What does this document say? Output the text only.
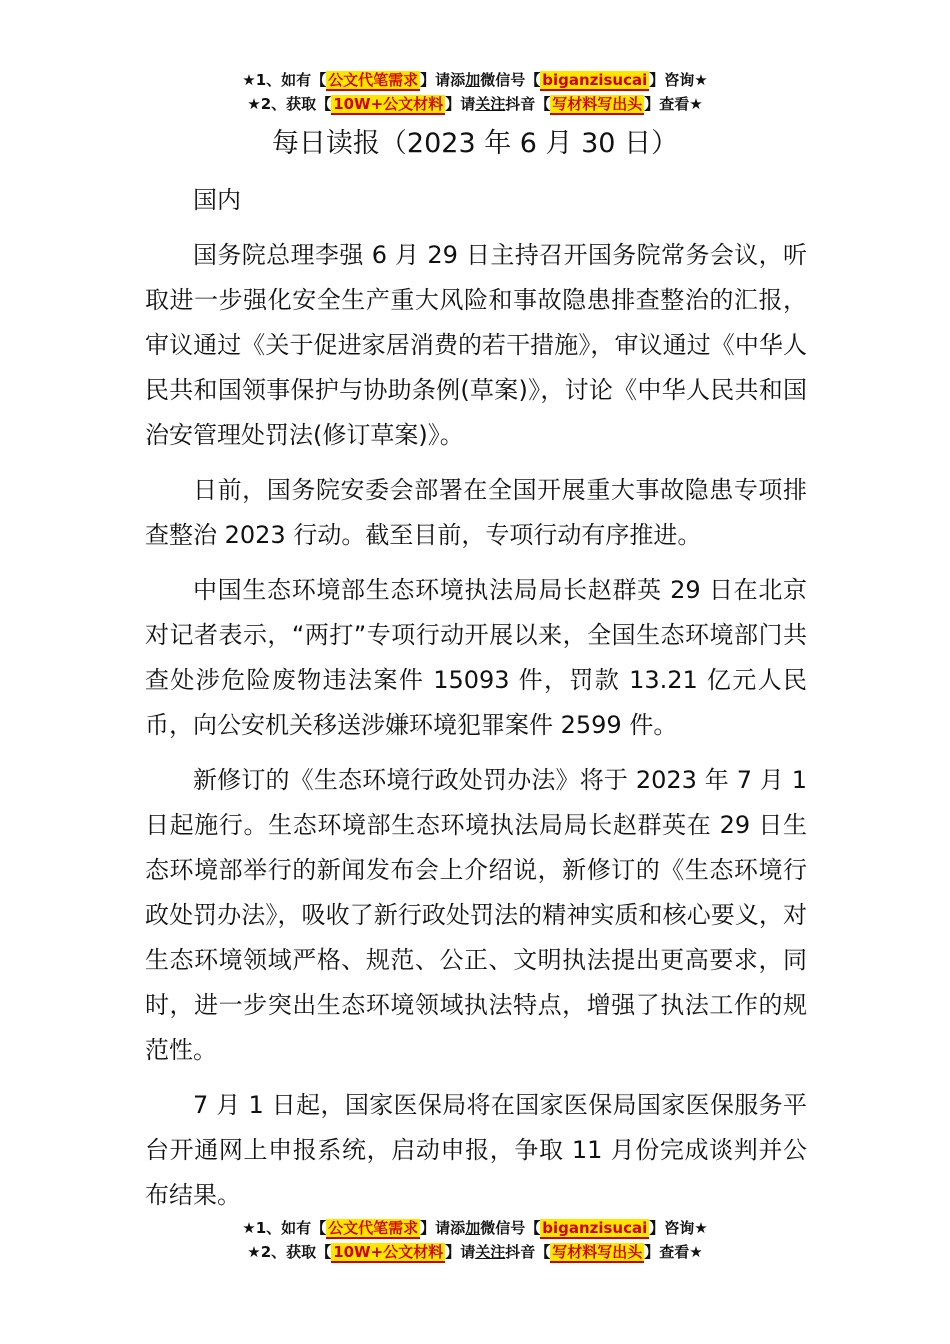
★1、如有【 公文代笔需求 】请添加微信号【 biganzisucai 】咨询★
★2、获取【 10W+公文材料 】请关注抖音【 写材料写出头 】查看★
每日读报（2023 年 6 月 30 日）

国内

国务院总理李强 6 月 29 日主持召开国务院常务会议，听取进一步强化安全生产重大风险和事故隐患排查整治的汇报，审议通过《关于促进家居消费的若干措施》，审议通过《中华人民共和国领事保护与协助条例(草案)》，讨论《中华人民共和国治安管理处罚法(修订草案)》。

日前，国务院安委会部署在全国开展重大事故隐患专项排查整治 2023 行动。截至目前，专项行动有序推进。

中国生态环境部生态环境执法局局长赵群英 29 日在北京对记者表示，“两打”专项行动开展以来，全国生态环境部门共查处涉危险废物违法案件 15093 件，罚款 13.21 亿元人民币，向公安机关移送涉嫌环境犯罪案件 2599 件。

新修订的《生态环境行政处罚办法》将于 2023 年 7 月 1 日起施行。生态环境部生态环境执法局局长赵群英在 29 日生态环境部举行的新闻发布会上介绍说，新修订的《生态环境行政处罚办法》，吸收了新行政处罚法的精神实质和核心要义，对生态环境领域严格、规范、公正、文明执法提出更高要求，同时，进一步突出生态环境领域执法特点，增强了执法工作的规范性。

7 月 1 日起，国家医保局将在国家医保局国家医保服务平台开通网上申报系统，启动申报，争取 11 月份完成谈判并公布结果。

★1、如有【 公文代笔需求 】请添加微信号【 biganzisucai 】咨询★
★2、获取【 10W+公文材料 】请关注抖音【 写材料写出头 】查看★
